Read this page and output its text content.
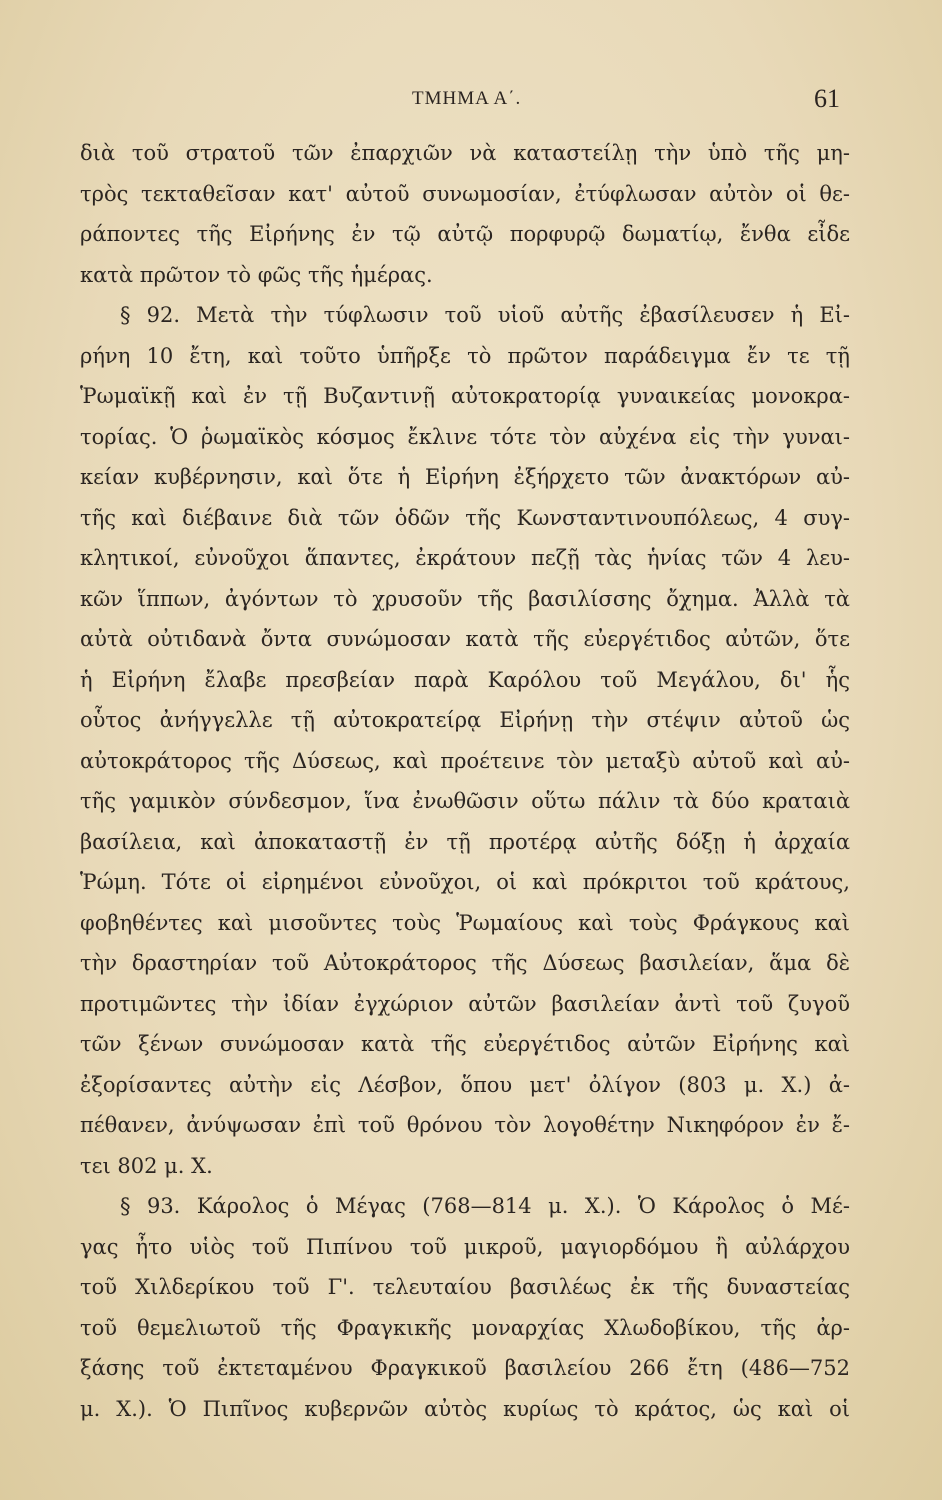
ΤΜΗΜΑ Α΄.	61
διὰ τοῦ στρατοῦ τῶν ἐπαρχιῶν νὰ καταστείλῃ τὴν ὑπὸ τῆς μη-
τρὸς τεκταθεῖσαν κατ' αὐτοῦ συνωμοσίαν, ἐτύφλωσαν αὐτὸν οἱ θε-
ράποντες τῆς Εἰρήνης ἐν τῷ αὐτῷ πορφυρῷ δωματίῳ, ἔνθα εἶδε
κατὰ πρῶτον τὸ φῶς τῆς ἡμέρας.
§ 92. Μετὰ τὴν τύφλωσιν τοῦ υἱοῦ αὐτῆς ἐβασίλευσεν ἡ Εἰ-
ρήνη 10 ἔτη, καὶ τοῦτο ὑπῆρξε τὸ πρῶτον παράδειγμα ἔν τε τῇ
Ῥωμαϊκῇ καὶ ἐν τῇ Βυζαντινῇ αὐτοκρατορίᾳ γυναικείας μονοκρα-
τορίας. Ὁ ῥωμαϊκὸς κόσμος ἔκλινε τότε τὸν αὐχένα εἰς τὴν γυναι-
κείαν κυβέρνησιν, καὶ ὅτε ἡ Εἰρήνη ἐξήρχετο τῶν ἀνακτόρων αὐ-
τῆς καὶ διέβαινε διὰ τῶν ὁδῶν τῆς Κωνσταντινουπόλεως, 4 συγ-
κλητικοί, εὐνοῦχοι ἅπαντες, ἐκράτουν πεζῇ τὰς ἡνίας τῶν 4 λευ-
κῶν ἵππων, ἀγόντων τὸ χρυσοῦν τῆς βασιλίσσης ὄχημα. Ἀλλὰ τὰ
αὐτὰ οὐτιδανὰ ὄντα συνώμοσαν κατὰ τῆς εὐεργέτιδος αὐτῶν, ὅτε
ἡ Εἰρήνη ἔλαβε πρεσβείαν παρὰ Καρόλου τοῦ Μεγάλου, δι' ἧς
οὗτος ἀνήγγελλε τῇ αὐτοκρατείρᾳ Εἰρήνῃ τὴν στέψιν αὐτοῦ ὡς
αὐτοκράτορος τῆς Δύσεως, καὶ προέτεινε τὸν μεταξὺ αὐτοῦ καὶ αὐ-
τῆς γαμικὸν σύνδεσμον, ἵνα ἐνωθῶσιν οὕτω πάλιν τὰ δύο κραταιὰ
βασίλεια, καὶ ἀποκαταστῇ ἐν τῇ προτέρᾳ αὐτῆς δόξῃ ἡ ἀρχαία
Ῥώμη. Τότε οἱ εἰρημένοι εὐνοῦχοι, οἱ καὶ πρόκριτοι τοῦ κράτους,
φοβηθέντες καὶ μισοῦντες τοὺς Ῥωμαίους καὶ τοὺς Φράγκους καὶ
τὴν δραστηρίαν τοῦ Αὐτοκράτορος τῆς Δύσεως βασιλείαν, ἅμα δὲ
προτιμῶντες τὴν ἰδίαν ἐγχώριον αὐτῶν βασιλείαν ἀντὶ τοῦ ζυγοῦ
τῶν ξένων συνώμοσαν κατὰ τῆς εὐεργέτιδος αὐτῶν Εἰρήνης καὶ
ἐξορίσαντες αὐτὴν εἰς Λέσβον, ὅπου μετ' ὀλίγον (803 μ. Χ.) ἀ-
πέθανεν, ἀνύψωσαν ἐπὶ τοῦ θρόνου τὸν λογοθέτην Νικηφόρον ἐν ἔ-
τει 802 μ. Χ.
§ 93. Κάρολος ὁ Μέγας (768—814 μ. Χ.). Ὁ Κάρολος ὁ Μέ-
γας ἦτο υἱὸς τοῦ Πιπίνου τοῦ μικροῦ, μαγιορδόμου ἢ αὐλάρχου
τοῦ Χιλδερίκου τοῦ Γ'. τελευταίου βασιλέως ἐκ τῆς δυναστείας
τοῦ θεμελιωτοῦ τῆς Φραγκικῆς μοναρχίας Χλωδοβίκου, τῆς ἀρ-
ξάσης τοῦ ἐκτεταμένου Φραγκικοῦ βασιλείου 266 ἔτη (486—752
μ. Χ.). Ὁ Πιπῖνος κυβερνῶν αὐτὸς κυρίως τὸ κράτος, ὡς καὶ οἱ
